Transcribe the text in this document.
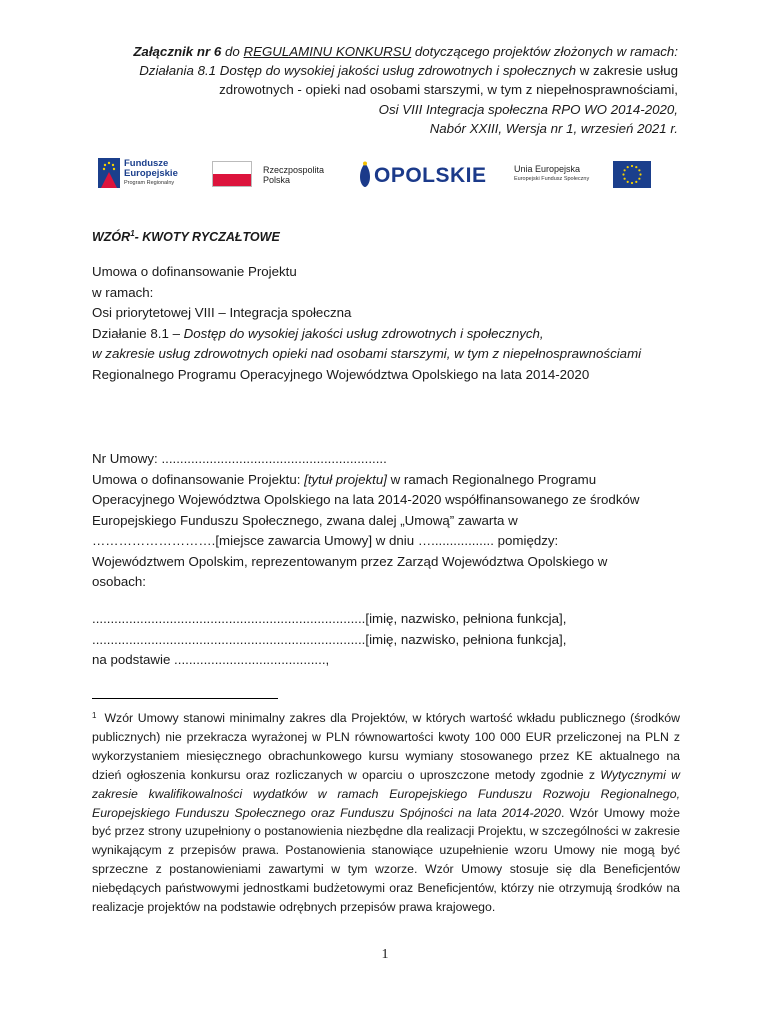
Załącznik nr 6 do REGULAMINU KONKURSU dotyczącego projektów złożonych w ramach:
Działania 8.1 Dostęp do wysokiej jakości usług zdrowotnych i społecznych w zakresie usług
zdrowotnych - opieki nad osobami starszymi, w tym z niepełnosprawnościami,
Osi VIII Integracja społeczna RPO WO 2014-2020,
Nabór XXIII, Wersja nr 1, wrzesień 2021 r.
Fundusze
Europejskie
Program Regionalny
Rzeczpospolita
Polska	OPOLSKIE	Unia Europejska
Europejski Fundusz Społeczny
WZÓR$^1$- KWOTY RYCZAŁTOWE
Umowa o dofinansowanie Projektu
w ramach:
Osi priorytetowej VIII – Integracja społeczna
Działanie 8.1 – Dostęp do wysokiej jakości usług zdrowotnych i społecznych,
w zakresie usług zdrowotnych opieki nad osobami starszymi, w tym z niepełnosprawnościami
Regionalnego Programu Operacyjnego Województwa Opolskiego na lata 2014-2020
Nr Umowy: .............................................................
Umowa o dofinansowanie Projektu: [tytuł projektu] w ramach Regionalnego Programu
Operacyjnego Województwa Opolskiego na lata 2014-2020 współfinansowanego ze środków
Europejskiego Funduszu Społecznego, zwana dalej „Umową” zawarta w
……………………….[miejsce zawarcia Umowy] w dniu …................. pomiędzy:
Województwem Opolskim, reprezentowanym przez Zarząd Województwa Opolskiego w
osobach:
..........................................................................[imię, nazwisko, pełniona funkcja],
..........................................................................[imię, nazwisko, pełniona funkcja],
na podstawie .........................................,
$^1$ Wzór Umowy stanowi minimalny zakres dla Projektów, w których wartość wkładu publicznego (środków publicznych) nie przekracza wyrażonej w PLN równowartości kwoty 100 000 EUR przeliczonej na PLN z wykorzystaniem miesięcznego obrachunkowego kursu wymiany stosowanego przez KE aktualnego na dzień ogłoszenia konkursu oraz rozliczanych w oparciu o uproszczone metody zgodnie z Wytycznymi w zakresie kwalifikowalności wydatków w ramach Europejskiego Funduszu Rozwoju Regionalnego, Europejskiego Funduszu Społecznego oraz Funduszu Spójności na lata 2014-2020. Wzór Umowy może być przez strony uzupełniony o postanowienia niezbędne dla realizacji Projektu, w szczególności w zakresie wynikającym z przepisów prawa. Postanowienia stanowiące uzupełnienie wzoru Umowy nie mogą być sprzeczne z postanowieniami zawartymi w tym wzorze. Wzór Umowy stosuje się dla Beneficjentów niebędących państwowymi jednostkami budżetowymi oraz Beneficjentów, którzy nie otrzymują środków na realizacje projektów na podstawie odrębnych przepisów prawa krajowego.
1
